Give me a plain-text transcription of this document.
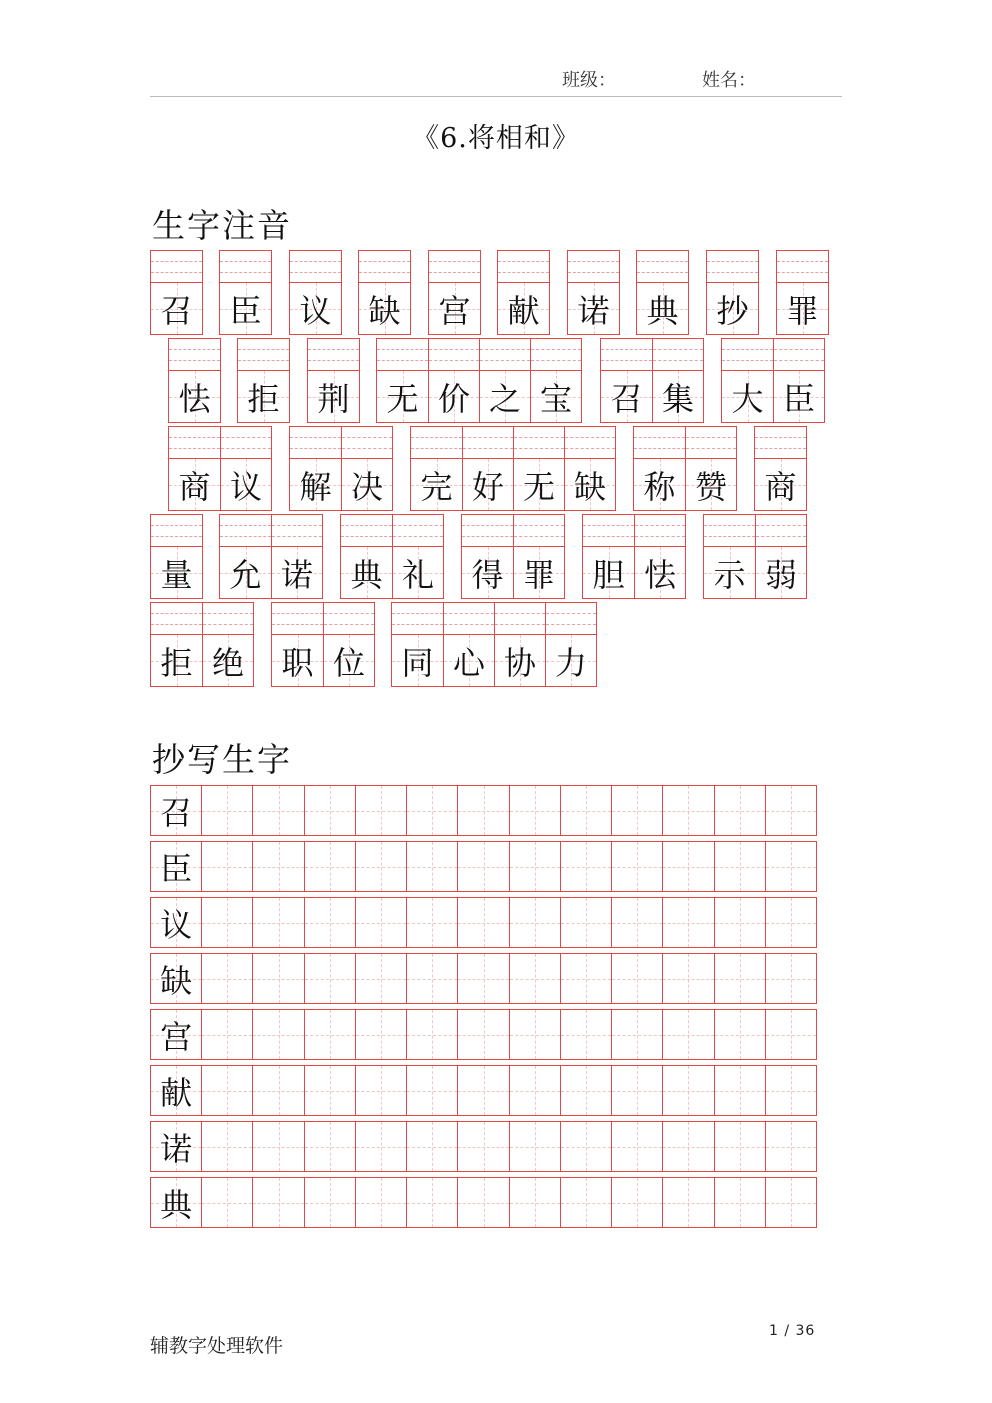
班级：	姓名：
《6.将相和》
生字注音
召 臣 议 缺 宫 献 诺 典 抄 罪
怯 拒 荆 无 价 之 宝 召 集 大 臣
商 议 解 决 完 好 无 缺 称 赞 商
量 允 诺 典 礼 得 罪 胆 怯 示 弱
拒 绝 职 位 同 心 协 力
抄写生字
召
臣
议
缺
宫
献
诺
典
辅教字处理软件
1 / 36
